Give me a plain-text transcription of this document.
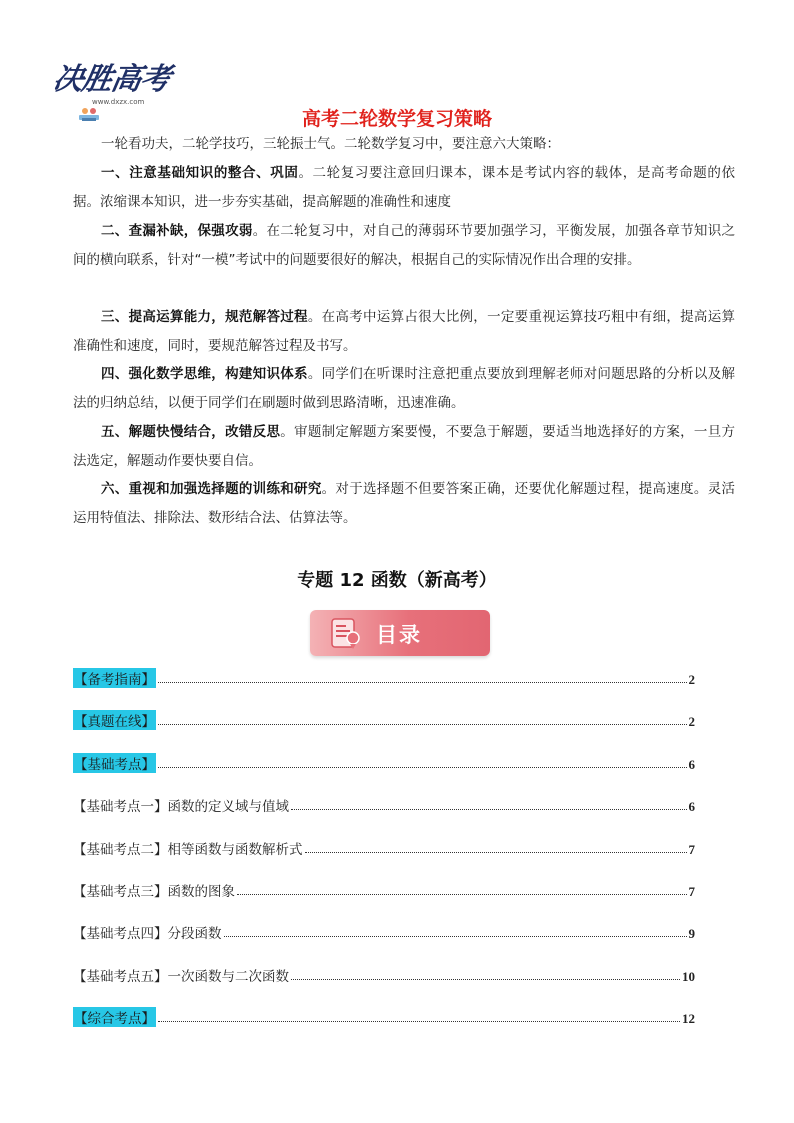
决胜高考
www.dxzx.com
高考二轮数学复习策略
一轮看功夫，二轮学技巧，三轮振士气。二轮数学复习中，要注意六大策略：
一、注意基础知识的整合、巩固。二轮复习要注意回归课本，课本是考试内容的载体，是高考命题的依据。浓缩课本知识，进一步夯实基础，提高解题的准确性和速度
二、查漏补缺，保强攻弱。在二轮复习中，对自己的薄弱环节要加强学习，平衡发展，加强各章节知识之间的横向联系，针对“一模”考试中的问题要很好的解决，根据自己的实际情况作出合理的安排。
三、提高运算能力，规范解答过程。在高考中运算占很大比例，一定要重视运算技巧粗中有细，提高运算准确性和速度，同时，要规范解答过程及书写。
四、强化数学思维，构建知识体系。同学们在听课时注意把重点要放到理解老师对问题思路的分析以及解法的归纳总结，以便于同学们在刷题时做到思路清晰，迅速准确。
五、解题快慢结合，改错反思。审题制定解题方案要慢，不要急于解题，要适当地选择好的方案，一旦方法选定，解题动作要快要自信。
六、重视和加强选择题的训练和研究。对于选择题不但要答案正确，还要优化解题过程，提高速度。灵活运用特值法、排除法、数形结合法、估算法等。
专题 12 函数（新高考）
目录
【备考指南】	2
【真题在线】	2
【基础考点】	6
【基础考点一】函数的定义域与值域	6
【基础考点二】相等函数与函数解析式	7
【基础考点三】函数的图象	7
【基础考点四】分段函数	9
【基础考点五】一次函数与二次函数	10
【综合考点】	12
